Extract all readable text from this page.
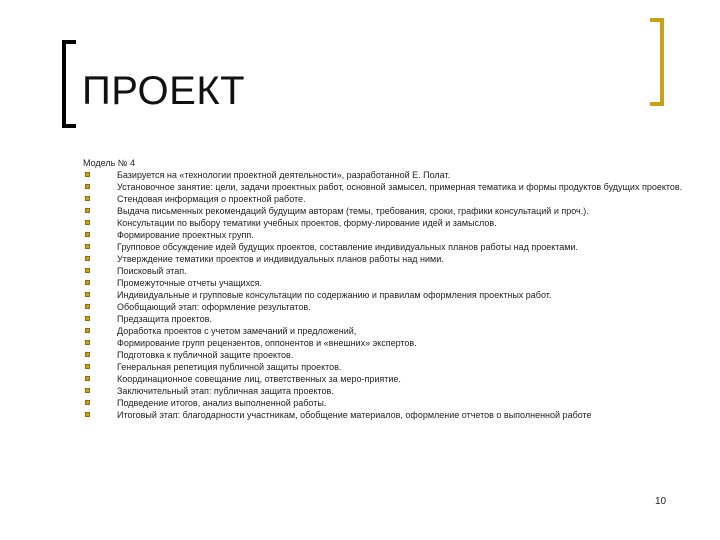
ПРОЕКТ
Модель № 4
Базируется на «технологии проектной деятельности», разработанной Е. Полат.
Установочное занятие: цели, задачи проектных работ, основной замысел, примерная тематика и формы продуктов будущих проектов.
Стендовая информация о проектной работе.
Выдача письменных рекомендаций будущим авторам (темы, требования, сроки, графики консультаций и проч.).
Консультации по выбору тематики учебных проектов, форму-лирование идей и замыслов.
Формирование проектных групп.
Групповое обсуждение идей будущих проектов, составление индивидуальных планов работы над проектами.
Утверждение тематики проектов и индивидуальных планов работы над ними.
Поисковый этап.
Промежуточные отчеты учащихся.
Индивидуальные и групповые консультации по содержанию и правилам оформления проектных работ.
Обобщающий этап: оформление результатов.
Предзащита проектов.
Доработка проектов с учетом замечаний и предложений,
Формирование групп рецензентов, оппонентов и «внешних» экспертов.
Подготовка к публичной защите проектов.
Генеральная репетиция публичной защиты проектов.
Координационное совещание лиц, ответственных за меро-приятие.
Заключительный этап: публичная защита проектов.
Подведение итогов, анализ выполненной работы.
Итоговый этап: благодарности участникам, обобщение материалов, оформление отчетов о выполненной работе
10
